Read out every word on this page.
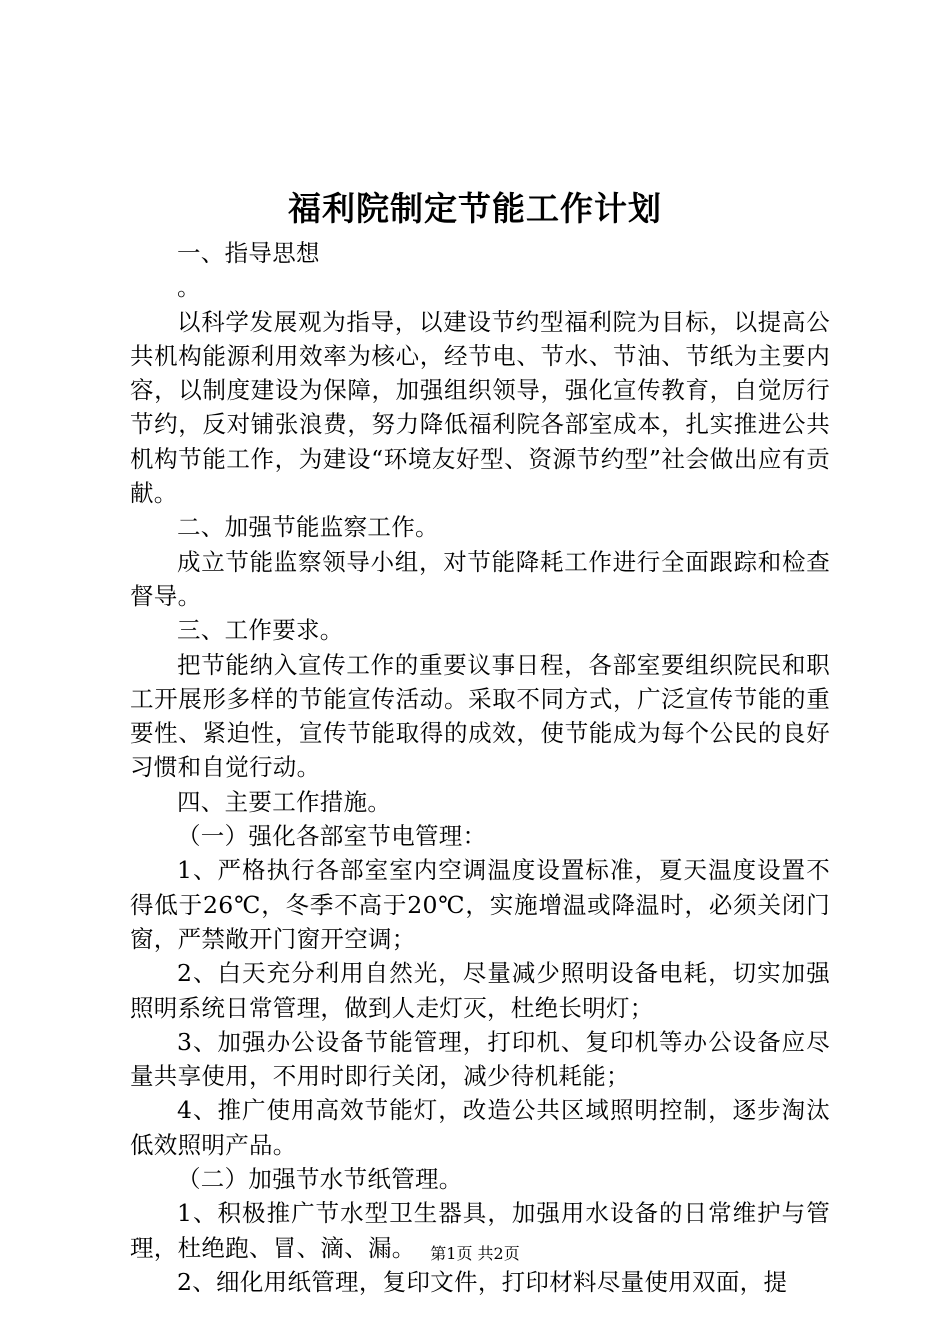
福利院制定节能工作计划

一、指导思想

。

以科学发展观为指导，以建设节约型福利院为目标，以提高公共机构能源利用效率为核心，经节电、节水、节油、节纸为主要内容，以制度建设为保障，加强组织领导，强化宣传教育，自觉厉行节约，反对铺张浪费，努力降低福利院各部室成本，扎实推进公共机构节能工作，为建设“环境友好型、资源节约型”社会做出应有贡献。

二、加强节能监察工作。

成立节能监察领导小组，对节能降耗工作进行全面跟踪和检查督导。

三、工作要求。

把节能纳入宣传工作的重要议事日程，各部室要组织院民和职工开展形多样的节能宣传活动。采取不同方式，广泛宣传节能的重要性、紧迫性，宣传节能取得的成效，使节能成为每个公民的良好习惯和自觉行动。

四、主要工作措施。

（一）强化各部室节电管理：

1、严格执行各部室室内空调温度设置标准，夏天温度设置不得低于26℃，冬季不高于20℃，实施增温或降温时，必须关闭门窗，严禁敞开门窗开空调；

2、白天充分利用自然光，尽量减少照明设备电耗，切实加强照明系统日常管理，做到人走灯灭，杜绝长明灯；

3、加强办公设备节能管理，打印机、复印机等办公设备应尽量共享使用，不用时即行关闭，减少待机耗能；

4、推广使用高效节能灯，改造公共区域照明控制，逐步淘汰低效照明产品。

（二）加强节水节纸管理。

1、积极推广节水型卫生器具，加强用水设备的日常维护与管理，杜绝跑、冒、滴、漏。

2、细化用纸管理，复印文件，打印材料尽量使用双面，提

第1页 共2页
